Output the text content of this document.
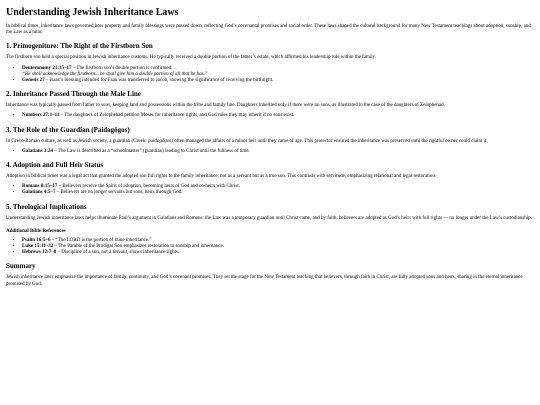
Understanding Jewish Inheritance Laws

In biblical times, inheritance laws governed how property and family blessings were passed down, reflecting God’s covenantal promises and social order. These laws shaped the cultural background for many New Testament teachings about adoption, sonship, and the Law as a tutor.

1. Primogeniture: The Right of the Firstborn Son

The firstborn son held a special position in Jewish inheritance customs. He typically received a double portion of the father’s estate, which affirmed his leadership role within the family.

• Deuteronomy 21:15–17 – The firstborn son’s double portion is confirmed:
“He shall acknowledge the firstborn... he shall give him a double portion of all that he has.”
• Genesis 27 – Isaac’s blessing intended for Esau was transferred to Jacob, showing the significance of receiving the birthright.
2. Inheritance Passed Through the Male Line

Inheritance was typically passed from father to sons, keeping land and possessions within the tribe and family line. Daughters inherited only if there were no sons, as illustrated in the case of the daughters of Zelophehad.

• Numbers 27:1–11 – The daughters of Zelophehad petition Moses for inheritance rights, and God rules they may inherit if no sons exist.
3. The Role of the Guardian (Paidagōgos)

In Greco-Roman culture, as well as Jewish society, a guardian (Greek: paidagōgos) often managed the affairs of a minor heir until they came of age. This protector ensured the inheritance was preserved until the rightful owner could claim it.

• Galatians 3:24 – The Law is described as a “schoolmaster” (guardian) leading to Christ until the fullness of time.
4. Adoption and Full Heir Status

Adoption in biblical times was a legal act that granted the adopted son full rights to the family inheritance, not as a servant but as a true son. This contrasts with servitude, emphasizing relational and legal restoration.

• Romans 8:15–17 – Believers receive the Spirit of adoption, becoming heirs of God and co-heirs with Christ.
• Galatians 4:5–7 – Believers are no longer servants but sons, heirs through God.
5. Theological Implications

Understanding Jewish inheritance laws helps illuminate Paul’s argument in Galatians and Romans: the Law was a temporary guardian until Christ came, and by faith, believers are adopted as God’s heirs with full rights — no longer under the Law’s custodianship.

Additional Bible References
• Psalm 16:5–6 – “The LORD is the portion of mine inheritance.”
• Luke 15:11–32 – The Parable of the Prodigal Son emphasizes restoration to sonship and inheritance.
• Hebrews 12:7–8 – Discipline of a son, not a servant, shows inheritance rights.
Summary

Jewish inheritance laws emphasize the importance of family, continuity, and God’s covenant promises. They set the stage for the New Testament teaching that believers, through faith in Christ, are fully adopted sons and heirs, sharing in the eternal inheritance promised by God.
